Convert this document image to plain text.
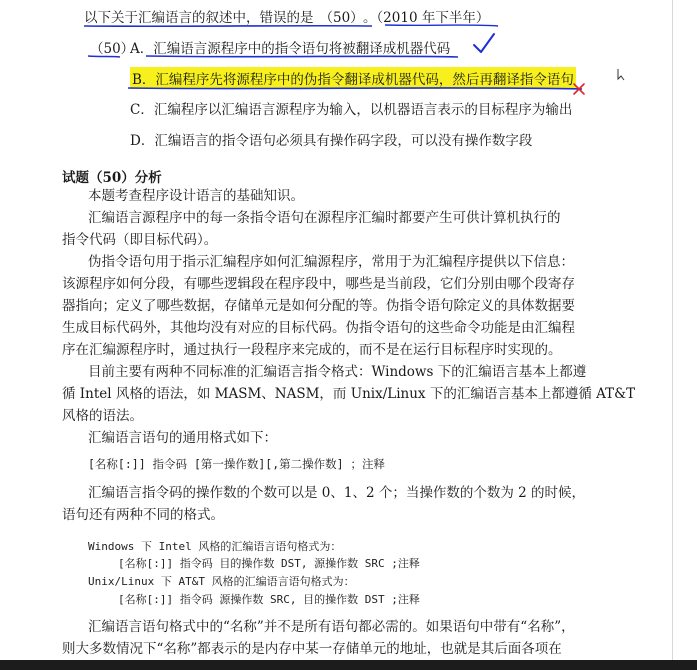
以下关于汇编语言的叙述中，错误的是 （50） 。（2010 年下半年）
（50）
A．汇编语言源程序中的指令语句将被翻译成机器代码
B．汇编程序先将源程序中的伪指令翻译成机器代码，然后再翻译指令语句
C．汇编程序以汇编语言源程序为输入，以机器语言表示的目标程序为输出
D．汇编语言的指令语句必须具有操作码字段，可以没有操作数字段
试题（50）分析
本题考查程序设计语言的基础知识。
汇编语言源程序中的每一条指令语句在源程序汇编时都要产生可供计算机执行的
指令代码（即目标代码）。
伪指令语句用于指示汇编程序如何汇编源程序，常用于为汇编程序提供以下信息：
该源程序如何分段，有哪些逻辑段在程序段中，哪些是当前段，它们分别由哪个段寄存
器指向；定义了哪些数据，存储单元是如何分配的等。伪指令语句除定义的具体数据要
生成目标代码外，其他均没有对应的目标代码。伪指令语句的这些命令功能是由汇编程
序在汇编源程序时，通过执行一段程序来完成的，而不是在运行目标程序时实现的。
目前主要有两种不同标准的汇编语言指令格式：Windows 下的汇编语言基本上都遵
循 Intel 风格的语法，如 MASM、NASM，而 Unix/Linux 下的汇编语言基本上都遵循 AT&T
风格的语法。
汇编语言语句的通用格式如下：
[名称[:]] 指令码 [第一操作数][,第二操作数] ；注释
汇编语言指令码的操作数的个数可以是 0、1、2 个；当操作数的个数为 2 的时候，
语句还有两种不同的格式。
Windows 下 Intel 风格的汇编语言语句格式为：
[名称[:]] 指令码 目的操作数 DST, 源操作数 SRC ;注释
Unix/Linux 下 AT&T 风格的汇编语言语句格式为：
[名称[:]] 指令码 源操作数 SRC, 目的操作数 DST ;注释
汇编语言语句格式中的“名称”并不是所有语句都必需的。如果语句中带有“名称”，
则大多数情况下“名称”都表示的是内存中某一存储单元的地址，也就是其后面各项在
